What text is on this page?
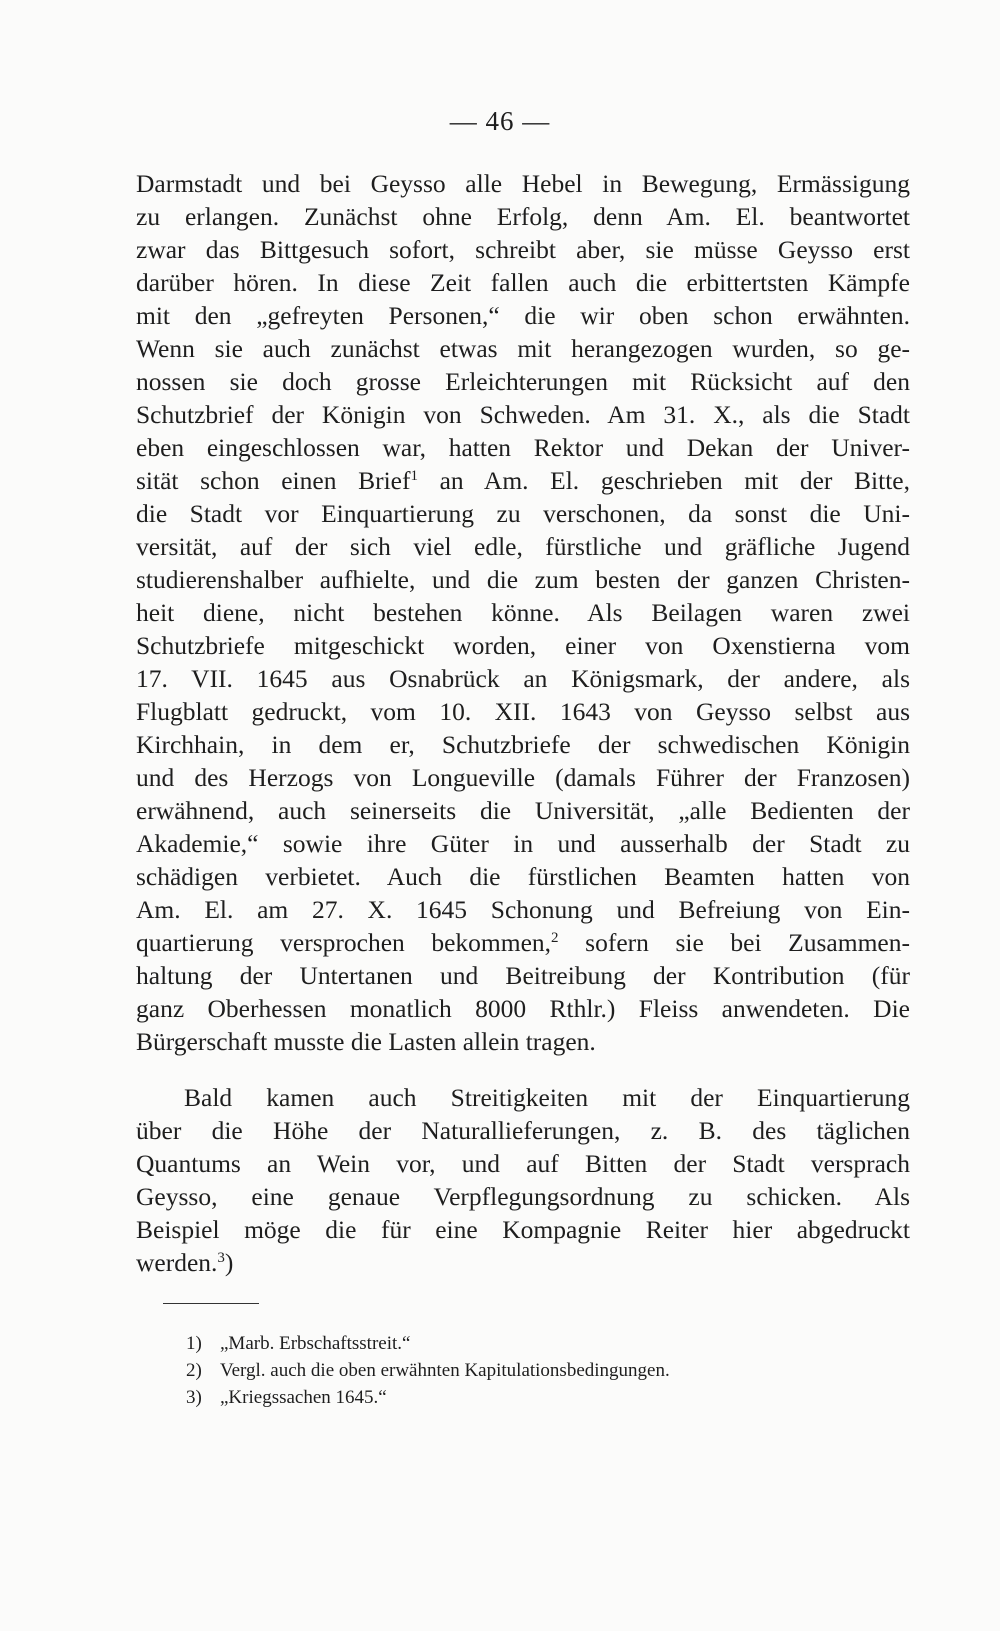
— 46 —
Darmstadt und bei Geysso alle Hebel in Bewegung, Ermässigung
zu erlangen. Zunächst ohne Erfolg, denn Am. El. beantwortet
zwar das Bittgesuch sofort, schreibt aber, sie müsse Geysso erst
darüber hören. In diese Zeit fallen auch die erbittertsten Kämpfe
mit den „gefreyten Personen,“ die wir oben schon erwähnten.
Wenn sie auch zunächst etwas mit herangezogen wurden, so ge-
nossen sie doch grosse Erleichterungen mit Rücksicht auf den
Schutzbrief der Königin von Schweden. Am 31. X., als die Stadt
eben eingeschlossen war, hatten Rektor und Dekan der Univer-
sität schon einen Brief$^1$ an Am. El. geschrieben mit der Bitte,
die Stadt vor Einquartierung zu verschonen, da sonst die Uni-
versität, auf der sich viel edle, fürstliche und gräfliche Jugend
studierenshalber aufhielte, und die zum besten der ganzen Christen-
heit diene, nicht bestehen könne. Als Beilagen waren zwei
Schutzbriefe mitgeschickt worden, einer von Oxenstierna vom
17. VII. 1645 aus Osnabrück an Königsmark, der andere, als
Flugblatt gedruckt, vom 10. XII. 1643 von Geysso selbst aus
Kirchhain, in dem er, Schutzbriefe der schwedischen Königin
und des Herzogs von Longueville (damals Führer der Franzosen)
erwähnend, auch seinerseits die Universität, „alle Bedienten der
Akademie,“ sowie ihre Güter in und ausserhalb der Stadt zu
schädigen verbietet. Auch die fürstlichen Beamten hatten von
Am. El. am 27. X. 1645 Schonung und Befreiung von Ein-
quartierung versprochen bekommen,$^2$ sofern sie bei Zusammen-
haltung der Untertanen und Beitreibung der Kontribution (für
ganz Oberhessen monatlich 8000 Rthlr.) Fleiss anwendeten. Die
Bürgerschaft musste die Lasten allein tragen.
Bald kamen auch Streitigkeiten mit der Einquartierung
über die Höhe der Naturallieferungen, z. B. des täglichen
Quantums an Wein vor, und auf Bitten der Stadt versprach
Geysso, eine genaue Verpflegungsordnung zu schicken. Als
Beispiel möge die für eine Kompagnie Reiter hier abgedruckt
werden.$^3$)
1) „Marb. Erbschaftsstreit.“
2) Vergl. auch die oben erwähnten Kapitulationsbedingungen.
3) „Kriegssachen 1645.“
